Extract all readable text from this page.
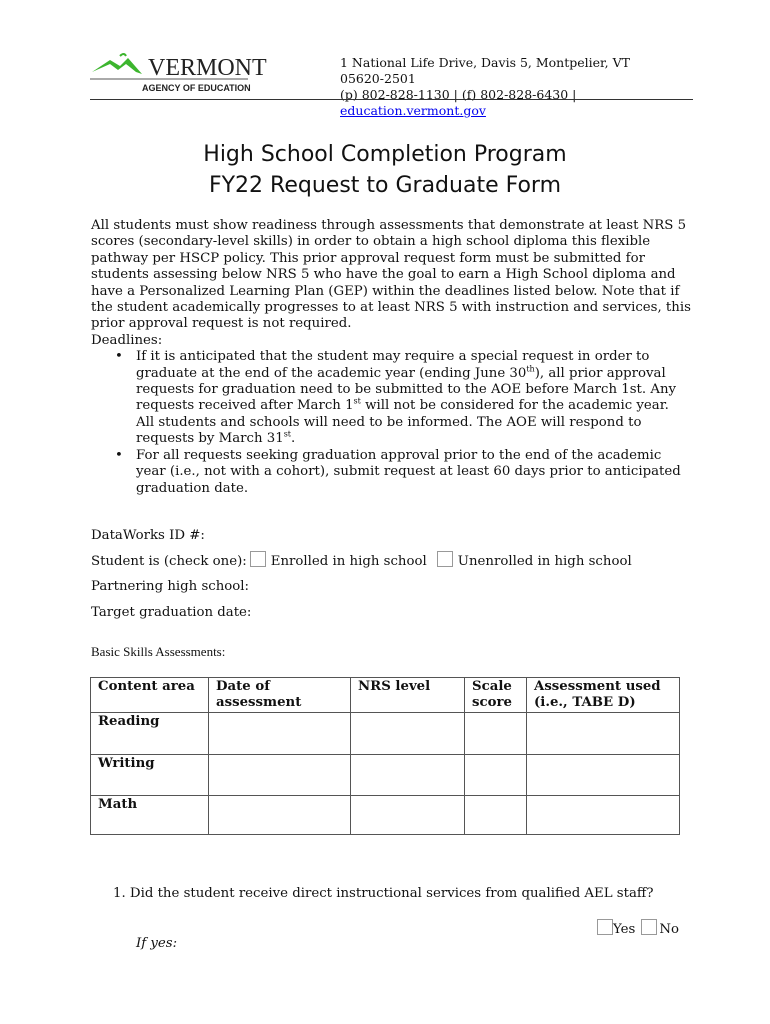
VERMONT
AGENCY OF EDUCATION
1 National Life Drive, Davis 5, Montpelier, VT
05620-2501
(p) 802-828-1130 | (f) 802-828-6430 |
education.vermont.gov
High School Completion Program
FY22 Request to Graduate Form

All students must show readiness through assessments that demonstrate at least NRS 5 scores (secondary-level skills) in order to obtain a high school diploma this flexible pathway per HSCP policy. This prior approval request form must be submitted for students assessing below NRS 5 who have the goal to earn a High School diploma and have a Personalized Learning Plan (GEP) within the deadlines listed below. Note that if the student academically progresses to at least NRS 5 with instruction and services, this prior approval request is not required.

Deadlines:

• If it is anticipated that the student may require a special request in order to graduate at the end of the academic year (ending June 30th), all prior approval requests for graduation need to be submitted to the AOE before March 1st. Any requests received after March 1st will not be considered for the academic year. All students and schools will need to be informed. The AOE will respond to requests by March 31st.
• For all requests seeking graduation approval prior to the end of the academic year (i.e., not with a cohort), submit request at least 60 days prior to anticipated graduation date.
DataWorks ID #:
Student is (check one): Enrolled in high school Unenrolled in high school
Partnering high school:
Target graduation date:
Basic Skills Assessments:
Content area	Date of assessment	NRS level	Scale score	Assessment used (i.e., TABE D)
Reading				
Writing				
Math				
1. Did the student receive direct instructional services from qualified AEL staff?
Yes No
If yes:
